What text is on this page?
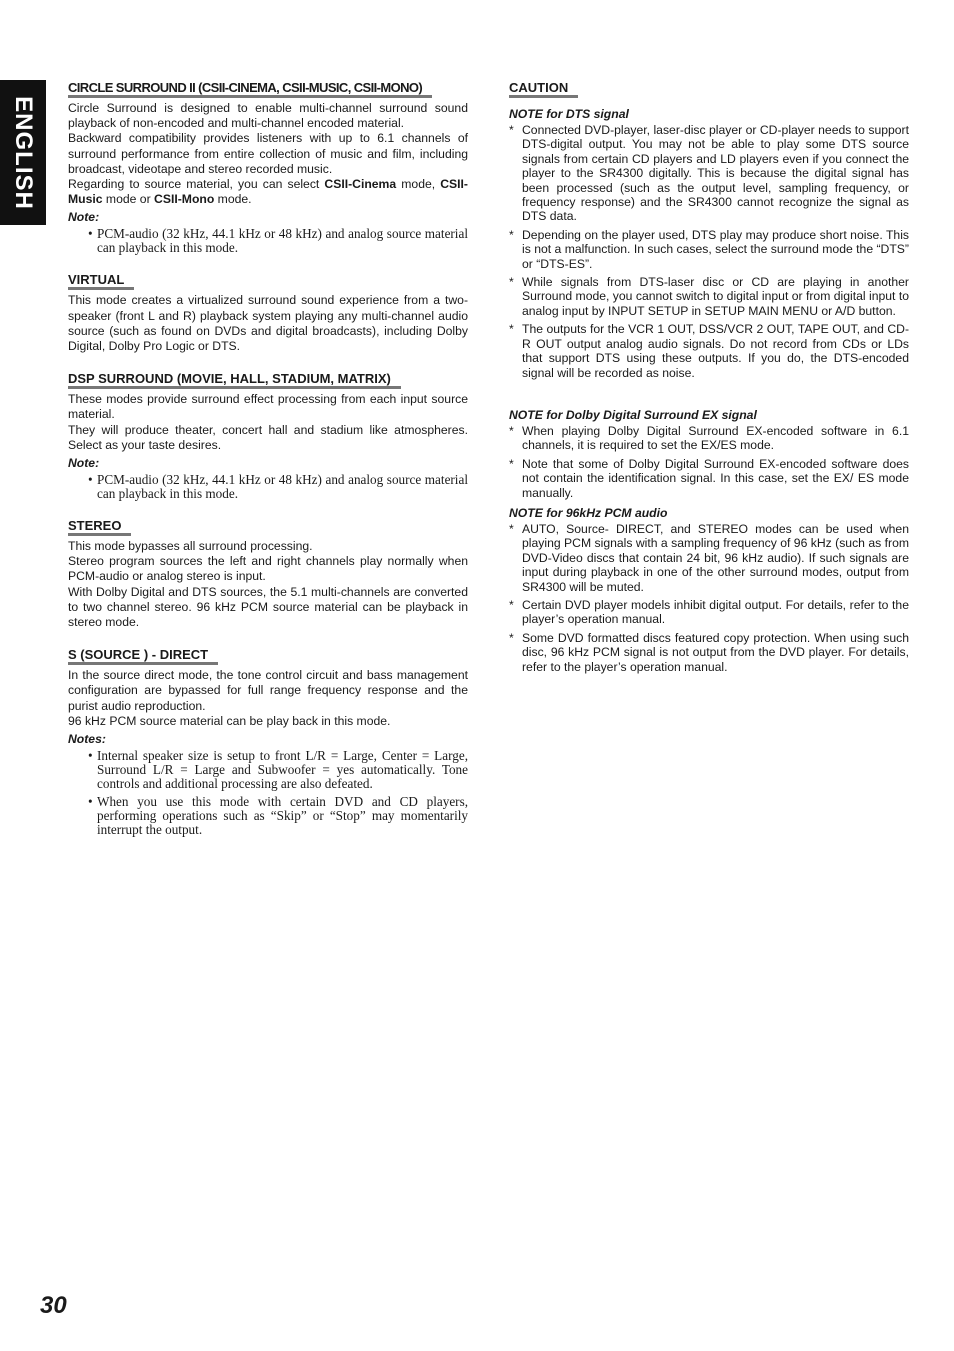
ENGLISH
CIRCLE SURROUND II (CSII-CINEMA, CSII-MUSIC, CSII-MONO)

Circle Surround is designed to enable multi-channel surround sound playback of non-encoded and multi-channel encoded material.

Backward compatibility provides listeners with up to 6.1 channels of surround performance from entire collection of music and film, including broadcast, videotape and stereo recorded music.

Regarding to source material, you can select CSII-Cinema mode, CSII-Music mode or CSII-Mono mode.

Note:
• PCM-audio (32 kHz, 44.1 kHz or 48 kHz) and analog source material can playback in this mode.
VIRTUAL

This mode creates a virtualized surround sound experience from a two-speaker (front L and R) playback system playing any multi-channel audio source (such as found on DVDs and digital broadcasts), including Dolby Digital, Dolby Pro Logic or DTS.

DSP SURROUND (MOVIE, HALL, STADIUM, MATRIX)

These modes provide surround effect processing from each input source material.

They will produce theater, concert hall and stadium like atmospheres. Select as your taste desires.

Note:
• PCM-audio (32 kHz, 44.1 kHz or 48 kHz) and analog source material can playback in this mode.
STEREO

This mode bypasses all surround processing.

Stereo program sources the left and right channels play normally when PCM-audio or analog stereo is input.

With Dolby Digital and DTS sources, the 5.1 multi-channels are converted to two channel stereo. 96 kHz PCM source material can be playback in stereo mode.

S (SOURCE ) - DIRECT

In the source direct mode, the tone control circuit and bass management configuration are bypassed for full range frequency response and the purist audio reproduction.

96 kHz PCM source material can be play back in this mode.

Notes:
• Internal speaker size is setup to front L/R = Large, Center = Large, Surround L/R = Large and Subwoofer = yes automatically. Tone controls and additional processing are also defeated.
• When you use this mode with certain DVD and CD players, performing operations such as “Skip” or “Stop” may momentarily interrupt the output.
CAUTION
NOTE for DTS signal
* Connected DVD-player, laser-disc player or CD-player needs to support DTS-digital output. You may not be able to play some DTS source signals from certain CD players and LD players even if you connect the player to the SR4300 digitally. This is because the digital signal has been processed (such as the output level, sampling frequency, or frequency response) and the SR4300 cannot recognize the signal as DTS data.
* Depending on the player used, DTS play may produce short noise. This is not a malfunction. In such cases, select the surround mode the “DTS” or “DTS-ES”.
* While signals from DTS-laser disc or CD are playing in another Surround mode, you cannot switch to digital input or from digital input to analog input by INPUT SETUP in SETUP MAIN MENU or A/D button.
* The outputs for the VCR 1 OUT, DSS/VCR 2 OUT, TAPE OUT, and CD-R OUT output analog audio signals. Do not record from CDs or LDs that support DTS using these outputs. If you do, the DTS-encoded signal will be recorded as noise.
NOTE for Dolby Digital Surround EX signal
* When playing Dolby Digital Surround EX-encoded software in 6.1 channels, it is required to set the EX/ES mode.
* Note that some of Dolby Digital Surround EX-encoded software does not contain the identification signal. In this case, set the EX/ ES mode manually.
NOTE for 96kHz PCM audio
* AUTO, Source- DIRECT, and STEREO modes can be used when playing PCM signals with a sampling frequency of 96 kHz (such as from DVD-Video discs that contain 24 bit, 96 kHz audio). If such signals are input during playback in one of the other surround modes, output from SR4300 will be muted.
* Certain DVD player models inhibit digital output. For details, refer to the player’s operation manual.
* Some DVD formatted discs featured copy protection. When using such disc, 96 kHz PCM signal is not output from the DVD player. For details, refer to the player’s operation manual.
30
